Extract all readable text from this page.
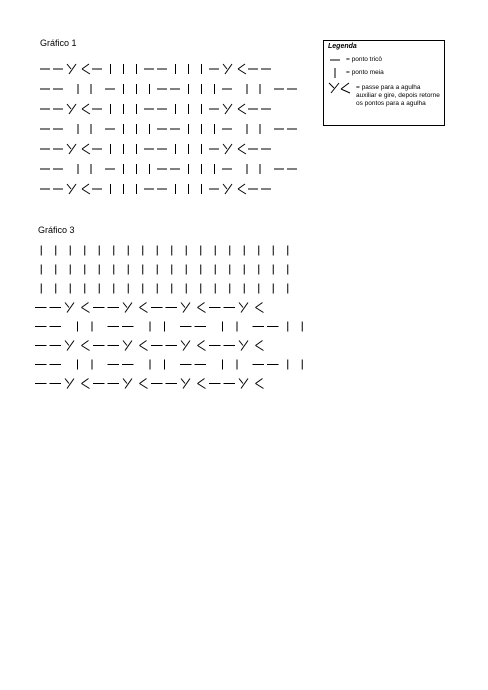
Gráfico 1
Gráfico 3
Legenda
= ponto tricô
= ponto meia
= passe para a agulha auxiliar e gire, depois retorne os pontos para a agulha
